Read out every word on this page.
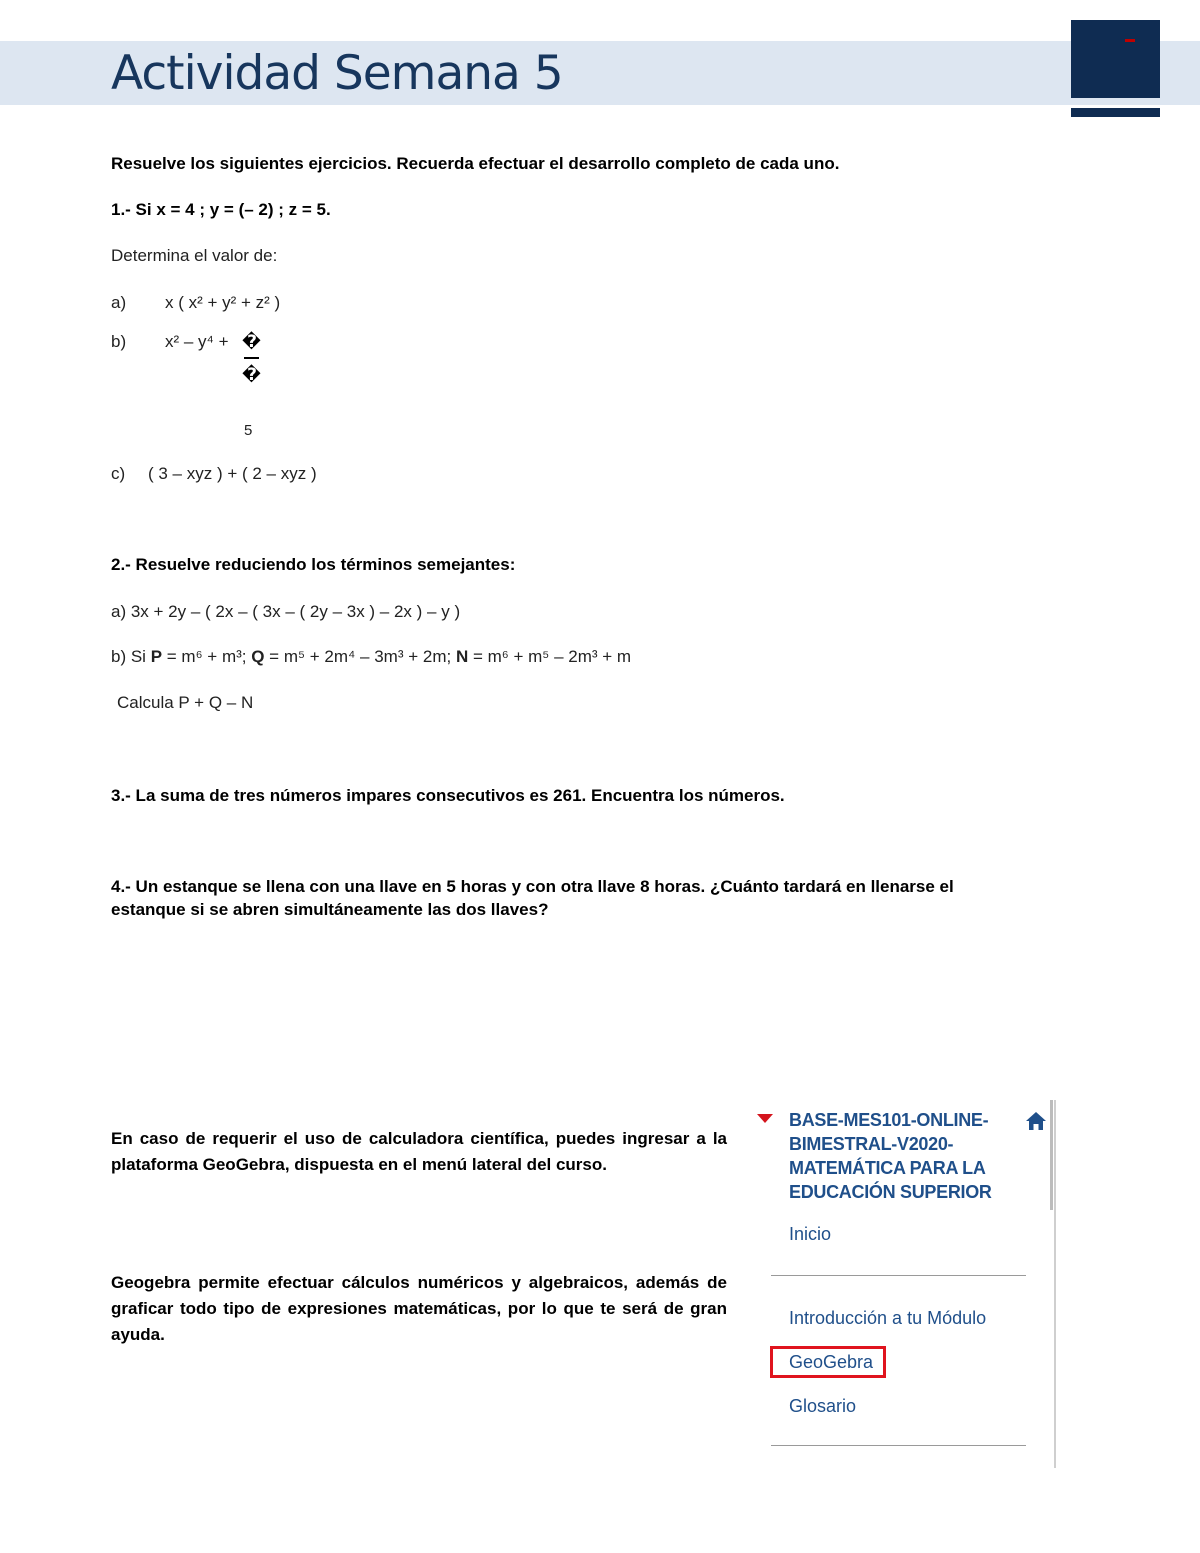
Actividad Semana 5
Resuelve los siguientes ejercicios. Recuerda efectuar el desarrollo completo de cada uno.
1.- Si x = 4 ; y = (– 2) ; z = 5.
Determina el valor de:
a) x ( x² + y² + z² )
b) x² – y⁴ + �
�
5
c) ( 3 – xyz ) + ( 2 – xyz )
2.- Resuelve reduciendo los términos semejantes:
a) 3x + 2y – ( 2x – ( 3x – ( 2y – 3x ) – 2x ) – y )
b) Si P = m⁶ + m³; Q = m⁵ + 2m⁴ – 3m³ + 2m; N = m⁶ + m⁵ – 2m³ + m
Calcula P + Q – N
3.- La suma de tres números impares consecutivos es 261. Encuentra los números.
4.- Un estanque se llena con una llave en 5 horas y con otra llave 8 horas. ¿Cuánto tardará en llenarse el
estanque si se abren simultáneamente las dos llaves?
En caso de requerir el uso de calculadora científica, puedes ingresar a la plataforma GeoGebra, dispuesta en el menú lateral del curso.
Geogebra permite efectuar cálculos numéricos y algebraicos, además de graficar todo tipo de expresiones matemáticas, por lo que te será de gran ayuda.
BASE-MES101-ONLINE-BIMESTRAL-V2020-MATEMÁTICA PARA LA EDUCACIÓN SUPERIOR
Inicio
Introducción a tu Módulo
GeoGebra
Glosario
